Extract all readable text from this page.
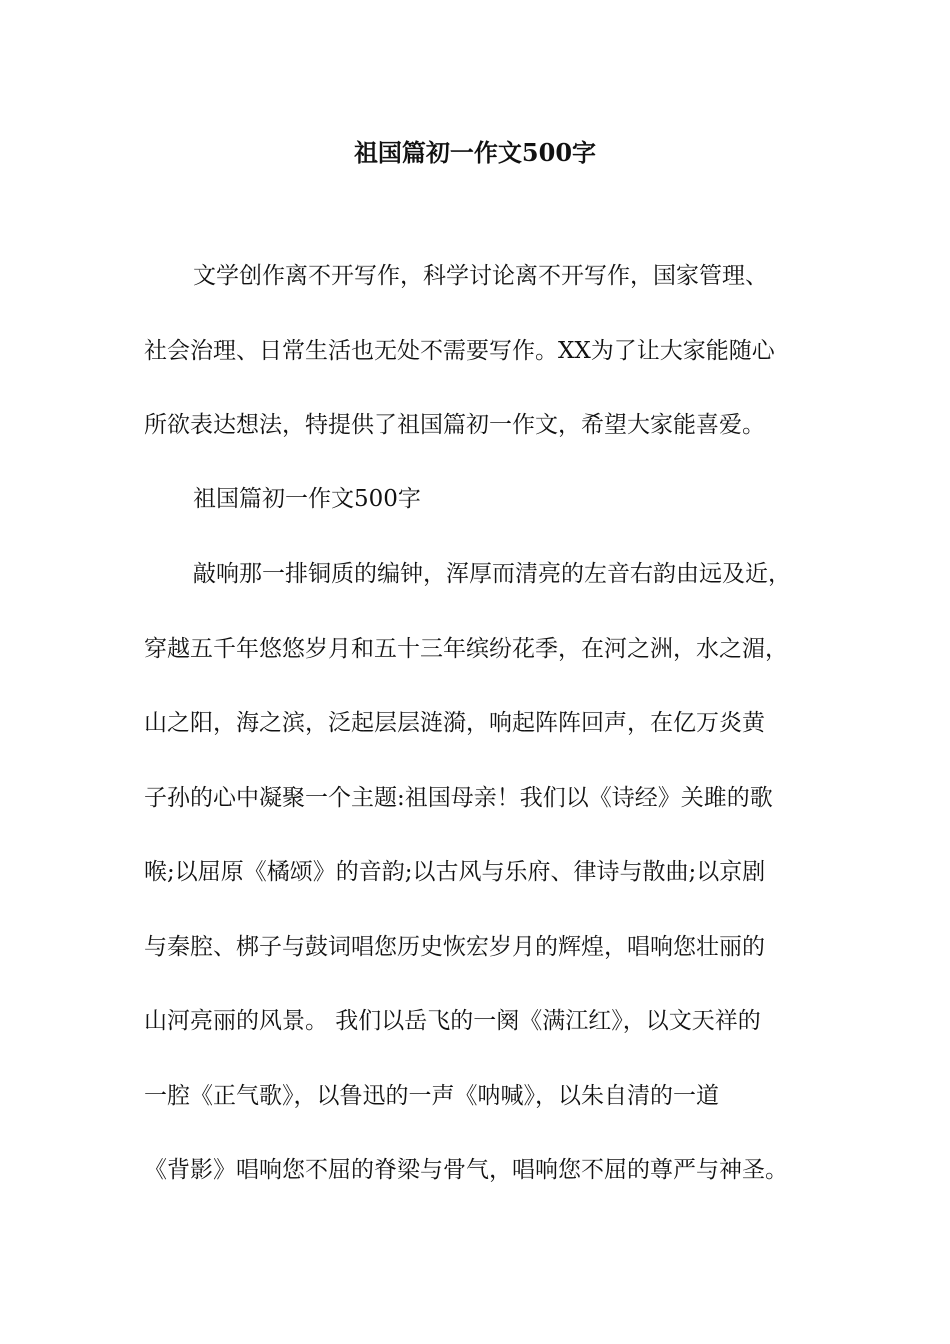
祖国篇初一作文500字
文学创作离不开写作，科学讨论离不开写作，国家管理、
社会治理、日常生活也无处不需要写作。XX为了让大家能随心
所欲表达想法，特提供了祖国篇初一作文，希望大家能喜爱。
祖国篇初一作文500字
敲响那一排铜质的编钟，浑厚而清亮的左音右韵由远及近，
穿越五千年悠悠岁月和五十三年缤纷花季，在河之洲，水之湄，
山之阳，海之滨，泛起层层涟漪，响起阵阵回声，在亿万炎黄
子孙的心中凝聚一个主题:祖国母亲！我们以《诗经》关雎的歌
喉;以屈原《橘颂》的音韵;以古风与乐府、律诗与散曲;以京剧
与秦腔、梆子与鼓词唱您历史恢宏岁月的辉煌，唱响您壮丽的
山河亮丽的风景。 我们以岳飞的一阕《满江红》，以文天祥的
一腔《正气歌》，以鲁迅的一声《呐喊》，以朱自清的一道
《背影》唱响您不屈的脊梁与骨气，唱响您不屈的尊严与神圣。
